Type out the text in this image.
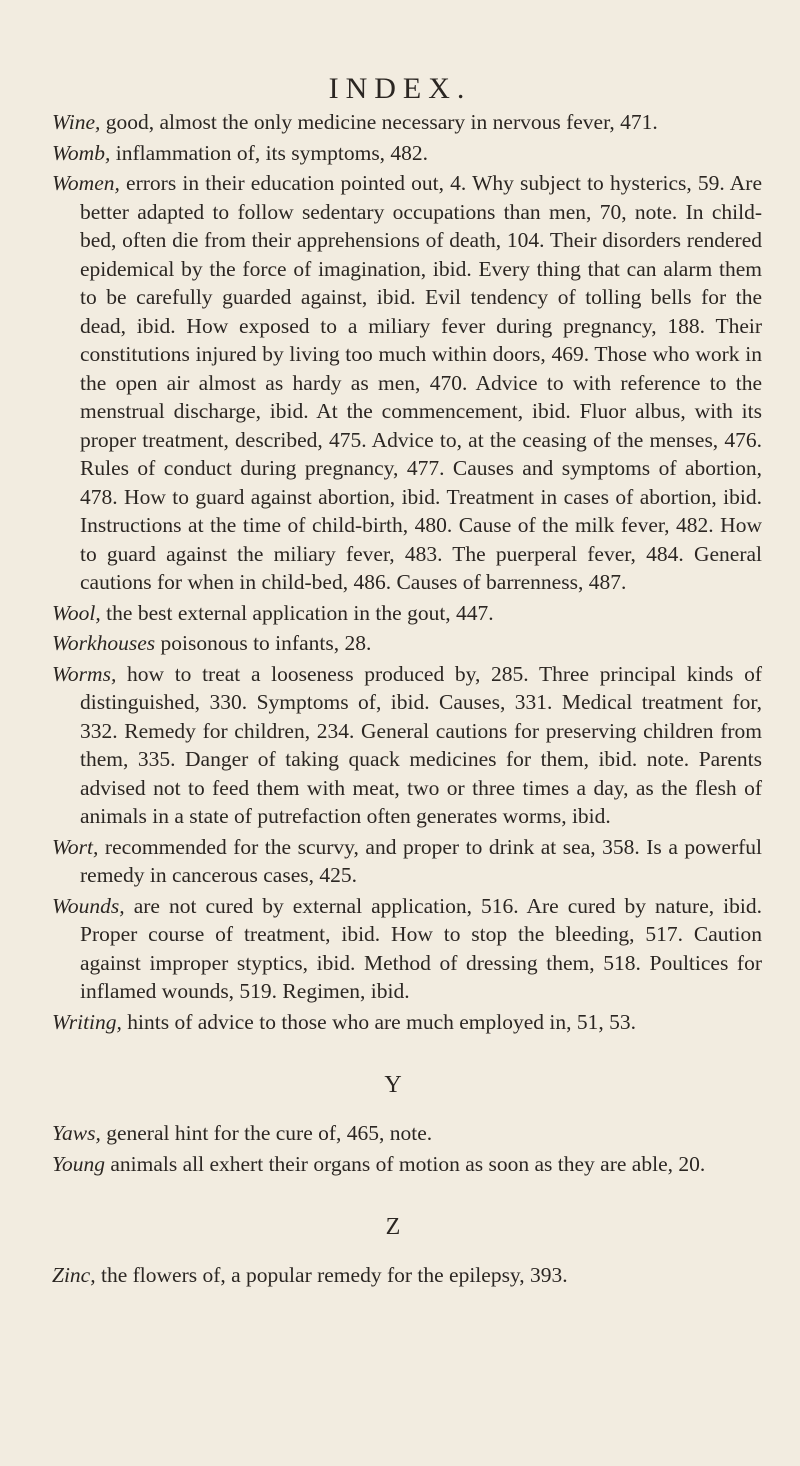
INDEX.

Wine, good, almost the only medicine necessary in nervous fever, 471.

Womb, inflammation of, its symptoms, 482.

Women, errors in their education pointed out, 4. Why subject to hysterics, 59. Are better adapted to follow sedentary occupations than men, 70, note. In child-bed, often die from their apprehensions of death, 104. Their disorders rendered epidemical by the force of imagination, ibid. Every thing that can alarm them to be carefully guarded against, ibid. Evil tendency of tolling bells for the dead, ibid. How exposed to a miliary fever during pregnancy, 188. Their constitutions injured by living too much within doors, 469. Those who work in the open air almost as hardy as men, 470. Advice to with reference to the menstrual discharge, ibid. At the commencement, ibid. Fluor albus, with its proper treatment, described, 475. Advice to, at the ceasing of the menses, 476. Rules of conduct during pregnancy, 477. Causes and symptoms of abortion, 478. How to guard against abortion, ibid. Treatment in cases of abortion, ibid. Instructions at the time of child-birth, 480. Cause of the milk fever, 482. How to guard against the miliary fever, 483. The puerperal fever, 484. General cautions for when in child-bed, 486. Causes of barrenness, 487.

Wool, the best external application in the gout, 447.

Workhouses poisonous to infants, 28.

Worms, how to treat a looseness produced by, 285. Three principal kinds of distinguished, 330. Symptoms of, ibid. Causes, 331. Medical treatment for, 332. Remedy for children, 234. General cautions for preserving children from them, 335. Danger of taking quack medicines for them, ibid. note. Parents advised not to feed them with meat, two or three times a day, as the flesh of animals in a state of putrefaction often generates worms, ibid.

Wort, recommended for the scurvy, and proper to drink at sea, 358. Is a powerful remedy in cancerous cases, 425.

Wounds, are not cured by external application, 516. Are cured by nature, ibid. Proper course of treatment, ibid. How to stop the bleeding, 517. Caution against improper styptics, ibid. Method of dressing them, 518. Poultices for inflamed wounds, 519. Regimen, ibid.

Writing, hints of advice to those who are much employed in, 51, 53.

Y

Yaws, general hint for the cure of, 465, note.

Young animals all exhert their organs of motion as soon as they are able, 20.

Z

Zinc, the flowers of, a popular remedy for the epilepsy, 393.
